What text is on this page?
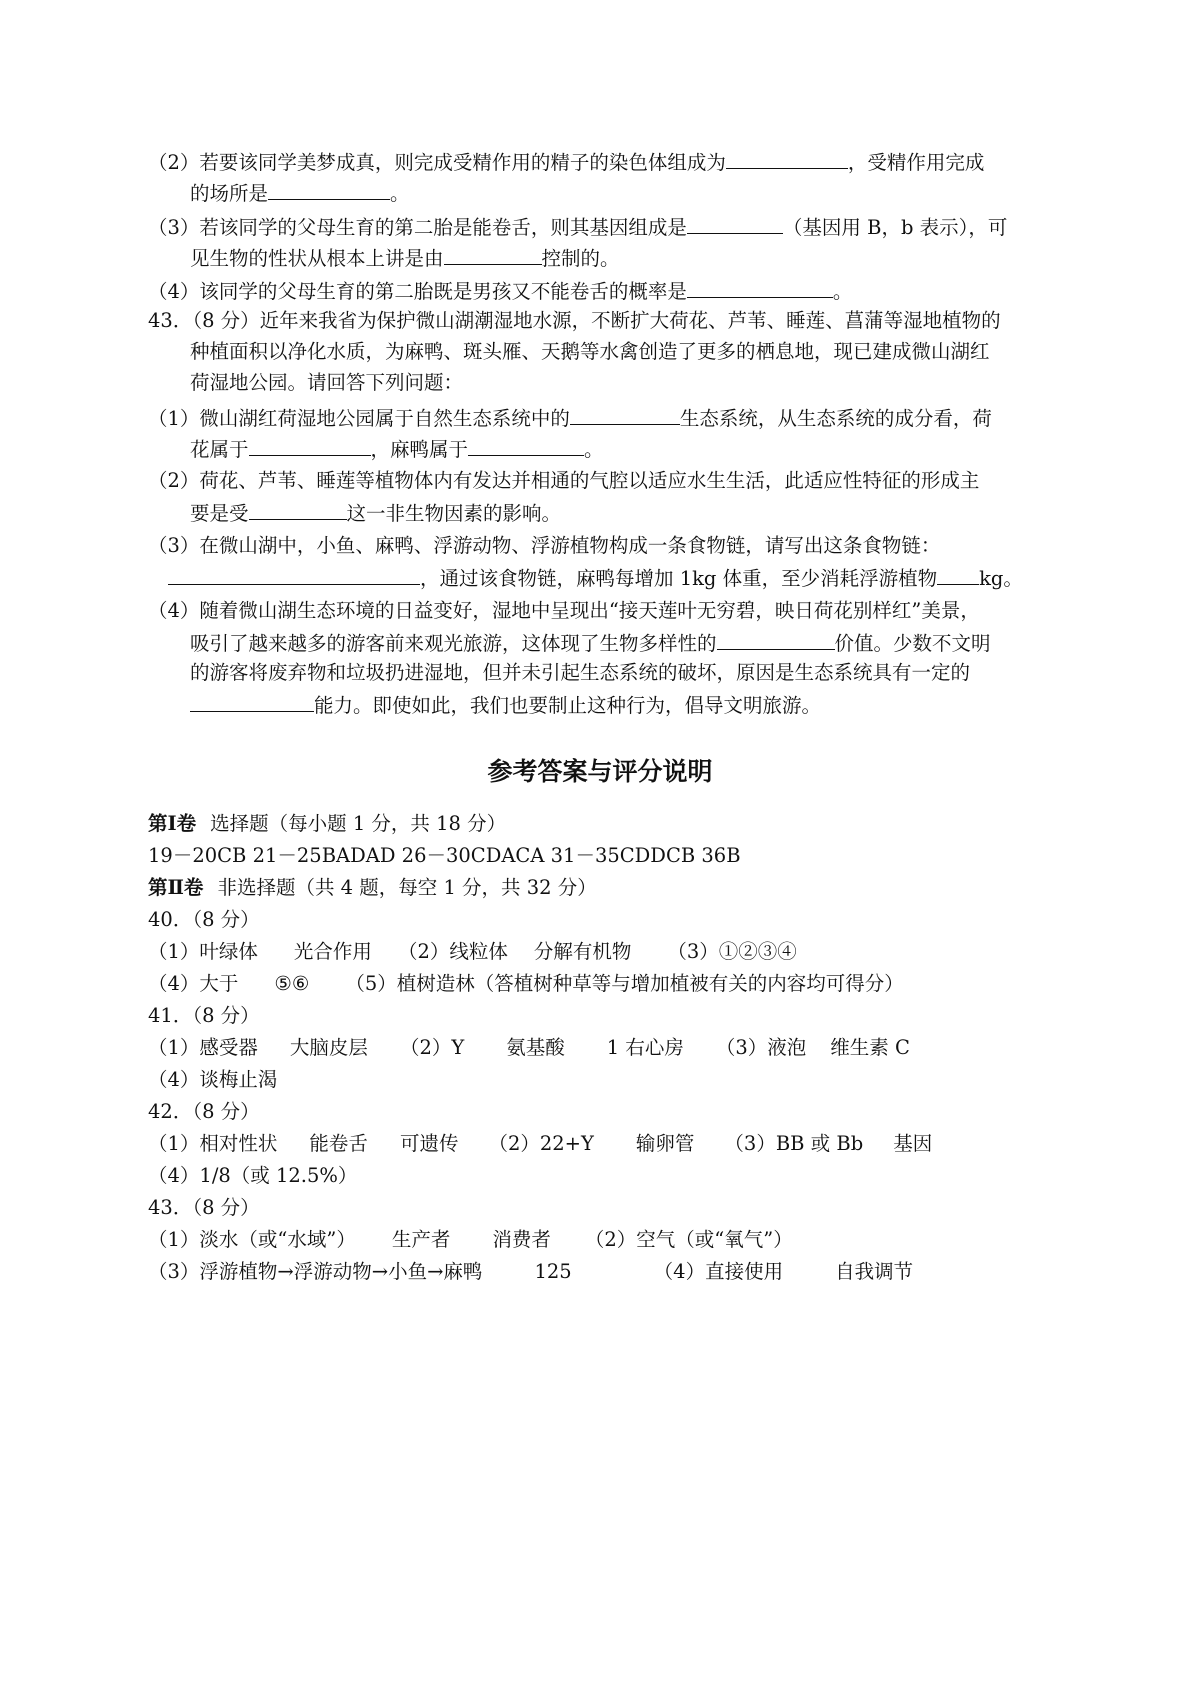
（2）若要该同学美梦成真，则完成受精作用的精子的染色体组成为	，受精作用完成
的场所是	。
（3）若该同学的父母生育的第二胎是能卷舌，则其基因组成是	（基因用 B，b 表示），可
见生物的性状从根本上讲是由	控制的。
（4）该同学的父母生育的第二胎既是男孩又不能卷舌的概率是	。
43．（8 分）近年来我省为保护微山湖潮湿地水源，不断扩大荷花、芦苇、睡莲、菖蒲等湿地植物的
种植面积以净化水质，为麻鸭、斑头雁、天鹅等水禽创造了更多的栖息地，现已建成微山湖红
荷湿地公园。请回答下列问题：
（1）微山湖红荷湿地公园属于自然生态系统中的	生态系统，从生态系统的成分看，荷
花属于	，麻鸭属于	。
（2）荷花、芦苇、睡莲等植物体内有发达并相通的气腔以适应水生生活，此适应性特征的形成主
要是受	这一非生物因素的影响。
（3）在微山湖中，小鱼、麻鸭、浮游动物、浮游植物构成一条食物链，请写出这条食物链：
，通过该食物链，麻鸭每增加 1kg 体重，至少消耗浮游植物 kg。
（4）随着微山湖生态环境的日益变好，湿地中呈现出“接天莲叶无穷碧，映日荷花别样红”美景，
吸引了越来越多的游客前来观光旅游，这体现了生物多样性的	价值。少数不文明
的游客将废弃物和垃圾扔进湿地，但并未引起生态系统的破坏，原因是生态系统具有一定的
能力。即使如此，我们也要制止这种行为，倡导文明旅游。
参考答案与评分说明
第Ⅰ卷 选择题（每小题 1 分，共 18 分）
19－20CB 21－25BADAD 26－30CDACA 31－35CDDCB 36B
第Ⅱ卷 非选择题（共 4 题，每空 1 分，共 32 分）
40．（8 分）
（1）叶绿体 光合作用 （2）线粒体 分解有机物 （3）①②③④
（4）大于 ⑤⑥ （5）植树造林（答植树种草等与增加植被有关的内容均可得分）
41．（8 分）
（1）感受器 大脑皮层 （2）Y 氨基酸 1 右心房 （3）液泡 维生素 C
（4）谈梅止渴
42．（8 分）
（1）相对性状 能卷舌 可遗传 （2）22+Y 输卵管 （3）BB 或 Bb 基因
（4）1/8（或 12.5%）
43．（8 分）
（1）淡水（或“水域”） 生产者 消费者 （2）空气（或“氧气”）
（3）浮游植物→浮游动物→小鱼→麻鸭	125	（4）直接使用	自我调节
